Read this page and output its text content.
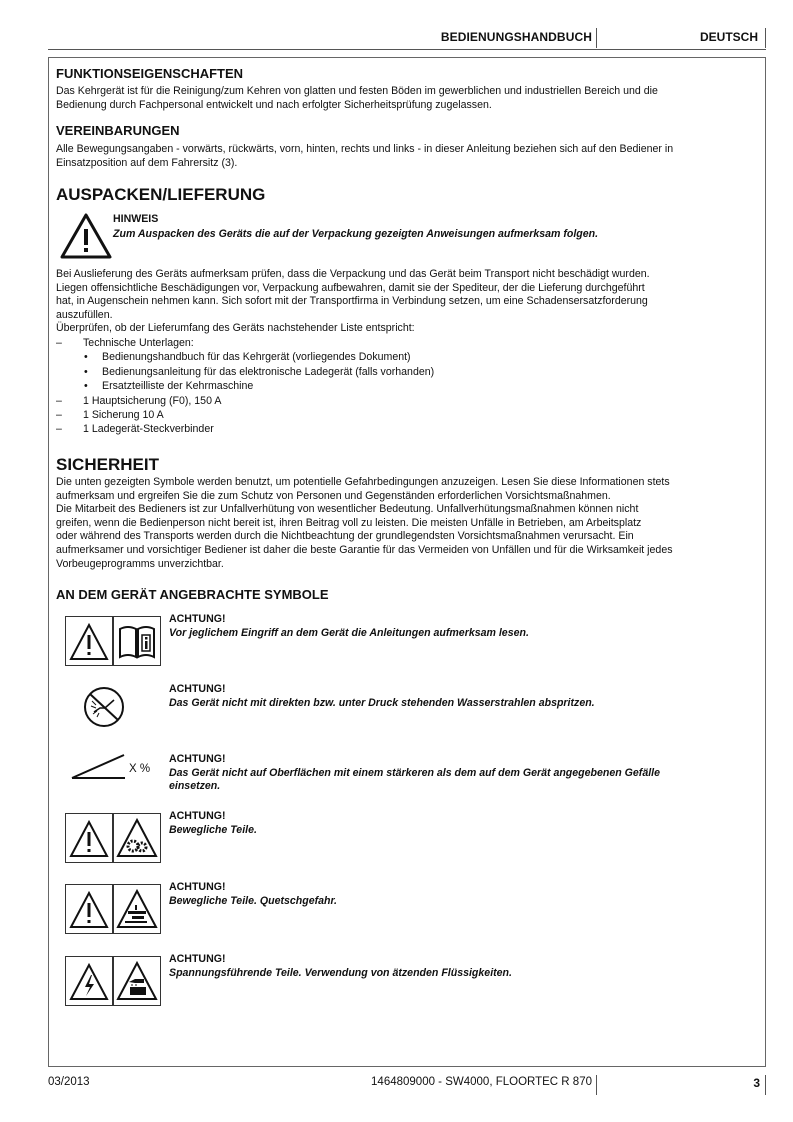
BEDIENUNGSHANDBUCH	DEUTSCH
FUNKTIONSEIGENSCHAFTEN
Das Kehrgerät ist für die Reinigung/zum Kehren von glatten und festen Böden im gewerblichen und industriellen Bereich und die
Bedienung durch Fachpersonal entwickelt und nach erfolgter Sicherheitsprüfung zugelassen.
VEREINBARUNGEN
Alle Bewegungsangaben - vorwärts, rückwärts, vorn, hinten, rechts und links - in dieser Anleitung beziehen sich auf den Bediener in
Einsatzposition auf dem Fahrersitz (3).
AUSPACKEN/LIEFERUNG
HINWEIS
Zum Auspacken des Geräts die auf der Verpackung gezeigten Anweisungen aufmerksam folgen.
Bei Auslieferung des Geräts aufmerksam prüfen, dass die Verpackung und das Gerät beim Transport nicht beschädigt wurden.
Liegen offensichtliche Beschädigungen vor, Verpackung aufbewahren, damit sie der Spediteur, der die Lieferung durchgeführt
hat, in Augenschein nehmen kann. Sich sofort mit der Transportfirma in Verbindung setzen, um eine Schadensersatzforderung
auszufüllen.
Überprüfen, ob der Lieferumfang des Geräts nachstehender Liste entspricht:
– Technische Unterlagen:
• Bedienungshandbuch für das Kehrgerät (vorliegendes Dokument)
• Bedienungsanleitung für das elektronische Ladegerät (falls vorhanden)
• Ersatzteilliste der Kehrmaschine
– 1 Hauptsicherung (F0), 150 A
– 1 Sicherung 10 A
– 1 Ladegerät-Steckverbinder
SICHERHEIT
Die unten gezeigten Symbole werden benutzt, um potentielle Gefahrbedingungen anzuzeigen. Lesen Sie diese Informationen stets
aufmerksam und ergreifen Sie die zum Schutz von Personen und Gegenständen erforderlichen Vorsichtsmaßnahmen.
Die Mitarbeit des Bedieners ist zur Unfallverhütung von wesentlicher Bedeutung. Unfallverhütungsmaßnahmen können nicht
greifen, wenn die Bedienperson nicht bereit ist, ihren Beitrag voll zu leisten. Die meisten Unfälle in Betrieben, am Arbeitsplatz
oder während des Transports werden durch die Nichtbeachtung der grundlegendsten Vorsichtsmaßnahmen verursacht. Ein
aufmerksamer und vorsichtiger Bediener ist daher die beste Garantie für das Vermeiden von Unfällen und für die Wirksamkeit jedes
Vorbeugeprogramms unverzichtbar.
AN DEM GERÄT ANGEBRACHTE SYMBOLE
ACHTUNG!
Vor jeglichem Eingriff an dem Gerät die Anleitungen aufmerksam lesen.
ACHTUNG!
Das Gerät nicht mit direkten bzw. unter Druck stehenden Wasserstrahlen abspritzen.
X %
ACHTUNG!
Das Gerät nicht auf Oberflächen mit einem stärkeren als dem auf dem Gerät angegebenen Gefälle
einsetzen.
ACHTUNG!
Bewegliche Teile.
ACHTUNG!
Bewegliche Teile. Quetschgefahr.
ACHTUNG!
Spannungsführende Teile. Verwendung von ätzenden Flüssigkeiten.
03/2013	1464809000 - SW4000, FLOORTEC R 870	3
